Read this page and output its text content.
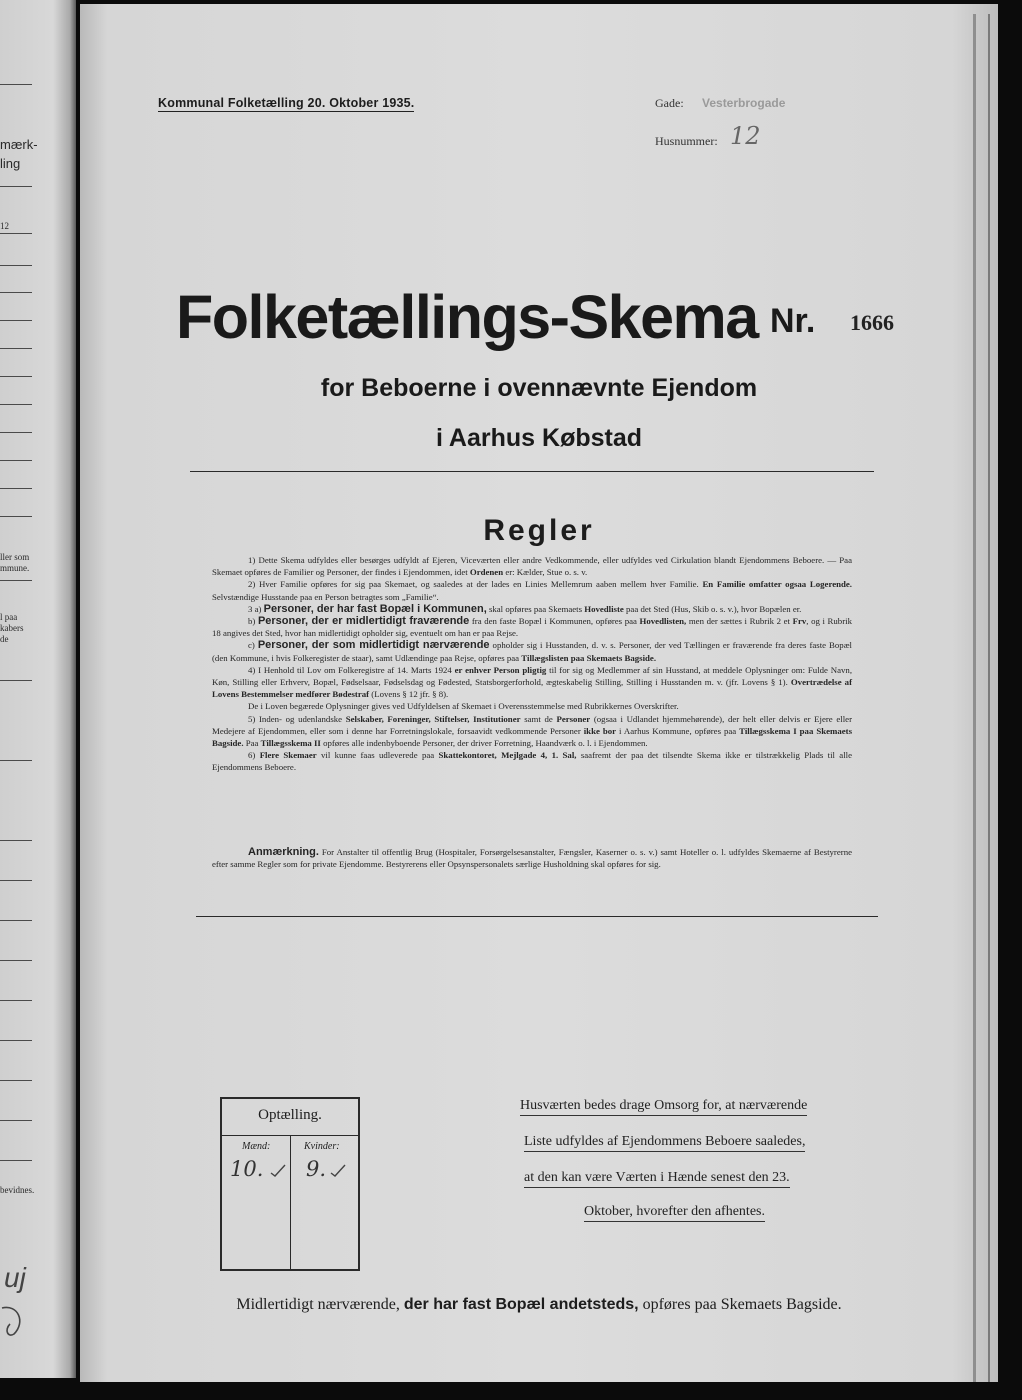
mærk-
ling
12
ller som
mmune.
l paa
kabers
de
bevidnes.
uj
Kommunal Folketælling 20. Oktober 1935.	Gade: Vesterbrogade
Husnummer: 12
Folketællings-Skema Nr. 1666
for Beboerne i ovennævnte Ejendom
i Aarhus Købstad
Regler

1) Dette Skema udfyldes eller besørges udfyldt af Ejeren, Viceværten eller andre Vedkommende, eller udfyldes ved Cirkulation blandt Ejendommens Beboere. — Paa Skemaet opføres de Familier og Personer, der findes i Ejendommen, idet Ordenen er: Kælder, Stue o. s. v.

2) Hver Familie opføres for sig paa Skemaet, og saaledes at der lades en Linies Mellemrum aaben mellem hver Familie. En Familie omfatter ogsaa Logerende. Selvstændige Husstande paa en Person betragtes som „Familie“.

3 a) Personer, der har fast Bopæl i Kommunen, skal opføres paa Skemaets Hovedliste paa det Sted (Hus, Skib o. s. v.), hvor Bopælen er.

b) Personer, der er midlertidigt fraværende fra den faste Bopæl i Kommunen, opføres paa Hovedlisten, men der sættes i Rubrik 2 et Frv, og i Rubrik 18 angives det Sted, hvor han midlertidigt opholder sig, eventuelt om han er paa Rejse.

c) Personer, der som midlertidigt nærværende opholder sig i Husstanden, d. v. s. Personer, der ved Tællingen er fraværende fra deres faste Bopæl (den Kommune, i hvis Folkeregister de staar), samt Udlændinge paa Rejse, opføres paa Tillægslisten paa Skemaets Bagside.

4) I Henhold til Lov om Folkeregistre af 14. Marts 1924 er enhver Person pligtig til for sig og Medlemmer af sin Husstand, at meddele Oplysninger om: Fulde Navn, Køn, Stilling eller Erhverv, Bopæl, Fødselsaar, Fødselsdag og Fødested, Statsborgerforhold, ægteskabelig Stilling, Stilling i Husstanden m. v. (jfr. Lovens § 1). Overtrædelse af Lovens Bestemmelser medfører Bødestraf (Lovens § 12 jfr. § 8).

De i Loven begærede Oplysninger gives ved Udfyldelsen af Skemaet i Overensstemmelse med Rubrikkernes Overskrifter.

5) Inden- og udenlandske Selskaber, Foreninger, Stiftelser, Institutioner samt de Personer (ogsaa i Udlandet hjemmehørende), der helt eller delvis er Ejere eller Medejere af Ejendommen, eller som i denne har Forretningslokale, forsaavidt vedkommende Personer ikke bor i Aarhus Kommune, opføres paa Tillægsskema I paa Skemaets Bagside. Paa Tillægsskema II opføres alle indenbyboende Personer, der driver Forretning, Haandværk o. l. i Ejendommen.

6) Flere Skemaer vil kunne faas udleverede paa Skattekontoret, Mejlgade 4, 1. Sal, saafremt der paa det tilsendte Skema ikke er tilstrækkelig Plads til alle Ejendommens Beboere.

Anmærkning. For Anstalter til offentlig Brug (Hospitaler, Forsørgelsesanstalter, Fængsler, Kaserner o. s. v.) samt Hoteller o. l. udfyldes Skemaerne af Bestyrerne efter samme Regler som for private Ejendomme. Bestyrerens eller Opsynspersonalets særlige Husholdning skal opføres for sig.

Optælling.
Mænd:	Kvinder:
10. 9.
Husværten bedes drage Omsorg for, at nærværende
Liste udfyldes af Ejendommens Beboere saaledes,
at den kan være Værten i Hænde senest den 23.
Oktober, hvorefter den afhentes.
Midlertidigt nærværende, der har fast Bopæl andetsteds, opføres paa Skemaets Bagside.
